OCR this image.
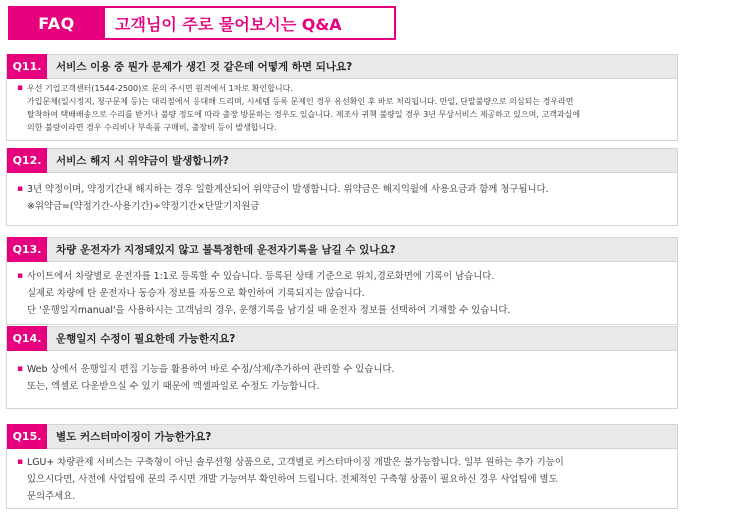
FAQ	고객님이 주로 물어보시는 Q&A
Q11.	서비스 이용 중 뭔가 문제가 생긴 것 같은데 어떻게 하면 되나요?
▪ 우선 기업고객센터(1544-2500)로 문의 주시면 원격에서 1차로 확인합니다.
가입문제(일시정지, 청구문제 등)는 대리점에서 응대해 드리며, 시세템 등록 문제인 경우 유선확인 후 바로 처리됩니다. 만일, 단말불량으로 의심되는 경우라면
탈착하여 택배배송으로 수리를 받거나 불량 정도에 따라 출장 방문하는 경우도 있습니다. 제조사 귀책 불량일 경우 3년 무상서비스 제공하고 있으며, 고객과실에
의한 불량이라면 경우 수리비나 부속품 구매비, 출장비 등이 발생합니다.
Q12.	서비스 해지 시 위약금이 발생합니까?
▪ 3년 약정이며, 약정기간내 해지하는 경우 일할계산되어 위약금이 발생합니다. 위약금은 해지익월에 사용요금과 함께 청구됩니다.
※위약금=(약정기간-사용기간)÷약정기간×단말기지원금
Q13.	차량 운전자가 지정돼있지 않고 불특정한데 운전자기록을 남길 수 있나요?
▪ 사이트에서 차량별로 운전자를 1:1로 등록할 수 있습니다. 등록된 상태 기준으로 위치,경로화면에 기록이 남습니다.
실제로 차량에 탄 운전자나 동승자 정보를 자동으로 확인하여 기록되지는 않습니다.
단 '운행일지manual'을 사용하시는 고객님의 경우, 운행기록을 남기실 때 운전자 정보를 선택하여 기재할 수 있습니다.
Q14.	운행일지 수정이 필요한데 가능한지요?
▪ Web 상에서 운행일지 편집 기능을 활용하여 바로 수정/삭제/추가하여 관리할 수 있습니다.
또는, 엑셀로 다운받으실 수 있기 때문에 엑셀파일로 수정도 가능합니다.
Q15.	별도 커스터마이징이 가능한가요?
▪ LGU+ 차량관제 서비스는 구축형이 아닌 솔루션형 상품으로, 고객별로 커스터마이징 개발은 불가능합니다. 일부 원하는 추가 기능이
있으시다면, 사전에 사업팀에 문의 주시면 개발 가능여부 확인하여 드립니다. 전체적인 구축형 상품이 필요하신 경우 사업팀에 별도
문의주세요.
